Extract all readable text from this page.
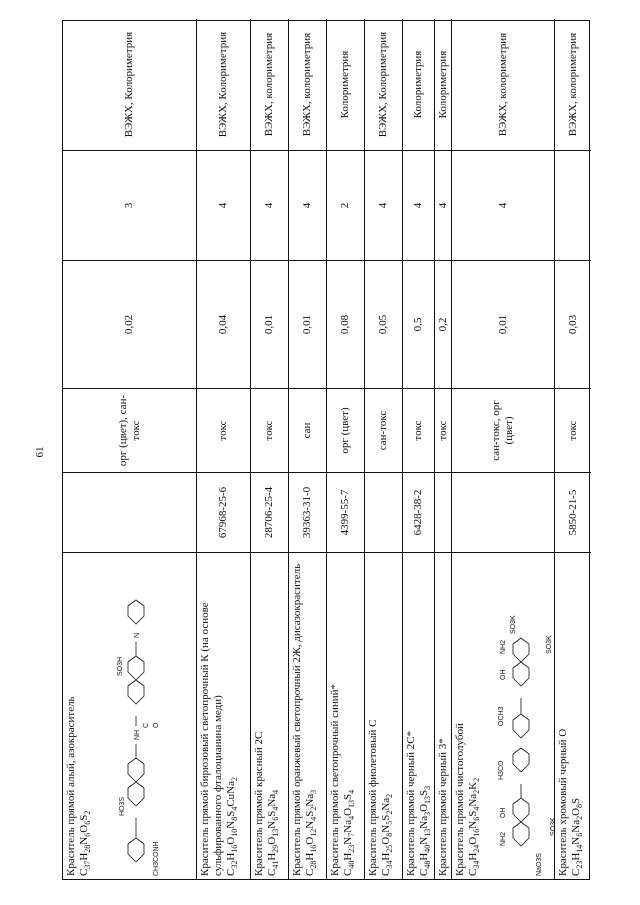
61
Краситель прямой алый, азокраситель $C_{37}H_{28}N_6O_6S_2$
CH3CONH
HO3S
NH
C O
SO3H
N
орг (цвет), сан-токс
0,02
3
ВЭЖХ, Колориметрия
Краситель прямой бирюзовый светопрочный К (на основе сульфированного фталоцианина меди) $C_{32}H_{16}O_{10}N_8S_4CuNa_2$
67968-25-6
токс
0,04
4
ВЭЖХ, Колориметрия
Краситель прямой красный 2С $C_{41}H_{29}O_{13}N_6S_4Na_4$
28706-25-4
токс
0,01
4
ВЭЖХ, колориметрия
Краситель прямой оранжевый светопрочный 2Ж, дисазокраситель $C_{28}H_{16}O_{12}N_4S_2Na_3$
39363-31-0
сан
0,01
4
ВЭЖХ, колориметрия
Краситель прямой светопрочный синий* $C_{40}H_{23}N_7Na_4O_{13}S_4$
4399-55-7
орг (цвет)
0,08
2
Колориметрия
Краситель прямой фиолетовый С $C_{34}H_{25}O_8N_5S_2Na_2$
сан-токс
0,05
4
ВЭЖХ, Колориметрия
Краситель прямой черный 2С* $C_{48}H_{40}N_{13}Na_3O_{13}S_3$
6428-38-2
токс
0,5
4
Колориметрия
Краситель прямой черный 3*
токс
0,2
4
Колориметрия
Краситель прямой чистоголубой $C_{34}H_{24}O_{16}N_6S_4Na_2K_2$
NaO3S
SO3K
NH2
OH
H3CO
OCH3
OH
NH2
SO3K
SO3K
сан-токс, орг (цвет)
0,01
4
ВЭЖХ, колориметрия
Краситель хромовый черный О $C_{23}H_{14}N_6Na_2O_8S$
5850-21-5
токс
0,03
ВЭЖХ, колориметрия
